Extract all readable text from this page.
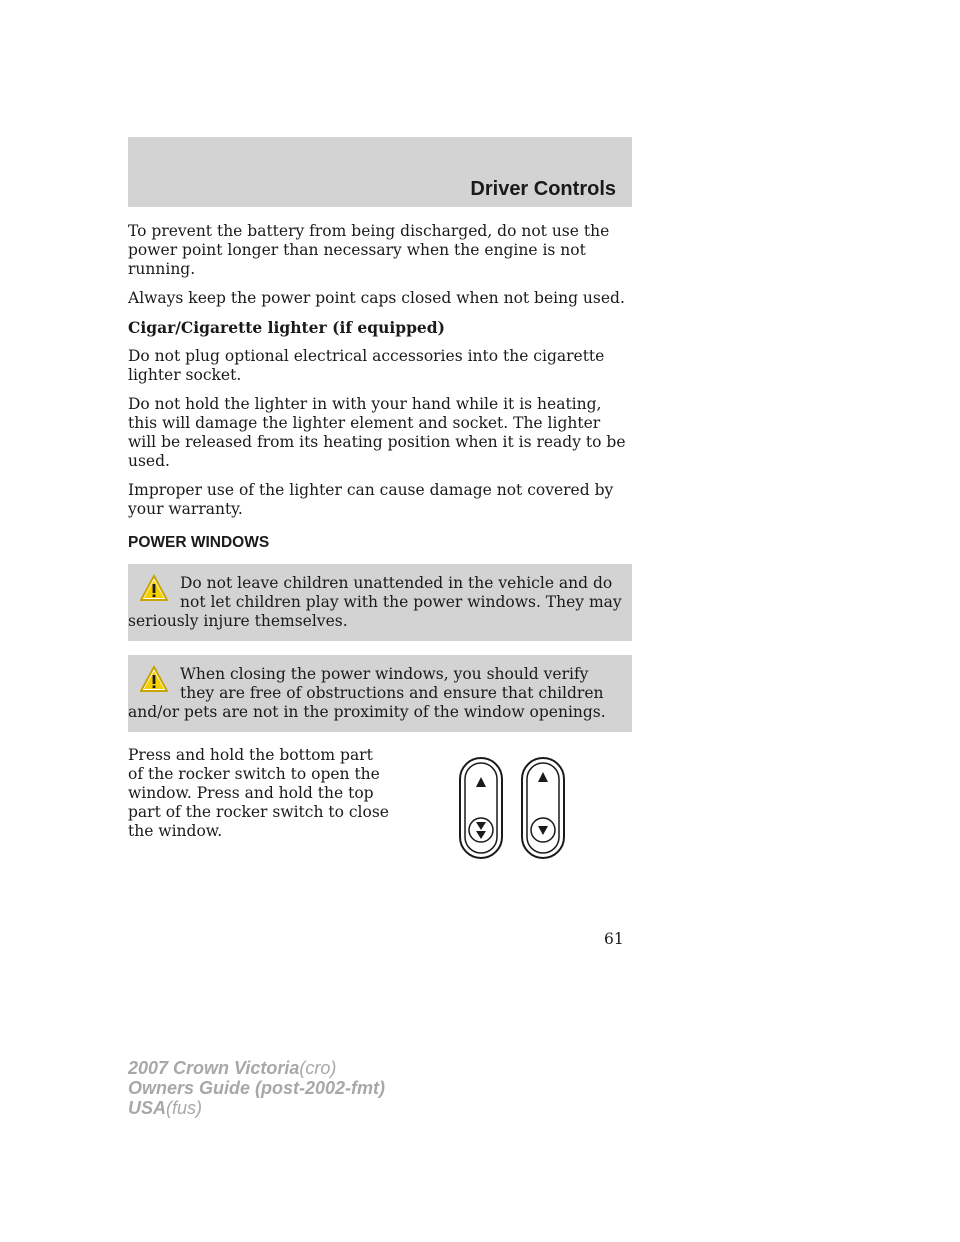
Driver Controls

To prevent the battery from being discharged, do not use the power point longer than necessary when the engine is not running.

Always keep the power point caps closed when not being used.

Cigar/Cigarette lighter (if equipped)

Do not plug optional electrical accessories into the cigarette lighter socket.

Do not hold the lighter in with your hand while it is heating, this will damage the lighter element and socket. The lighter will be released from its heating position when it is ready to be used.

Improper use of the lighter can cause damage not covered by your warranty.

POWER WINDOWS
Do not leave children unattended in the vehicle and do not let children play with the power windows. They may seriously injure themselves.
When closing the power windows, you should verify they are free of obstructions and ensure that children and/or pets are not in the proximity of the window openings.

Press and hold the bottom part of the rocker switch to open the window. Press and hold the top part of the rocker switch to close the window.

61
2007 Crown Victoria(cro)
Owners Guide (post-2002-fmt)
USA(fus)
